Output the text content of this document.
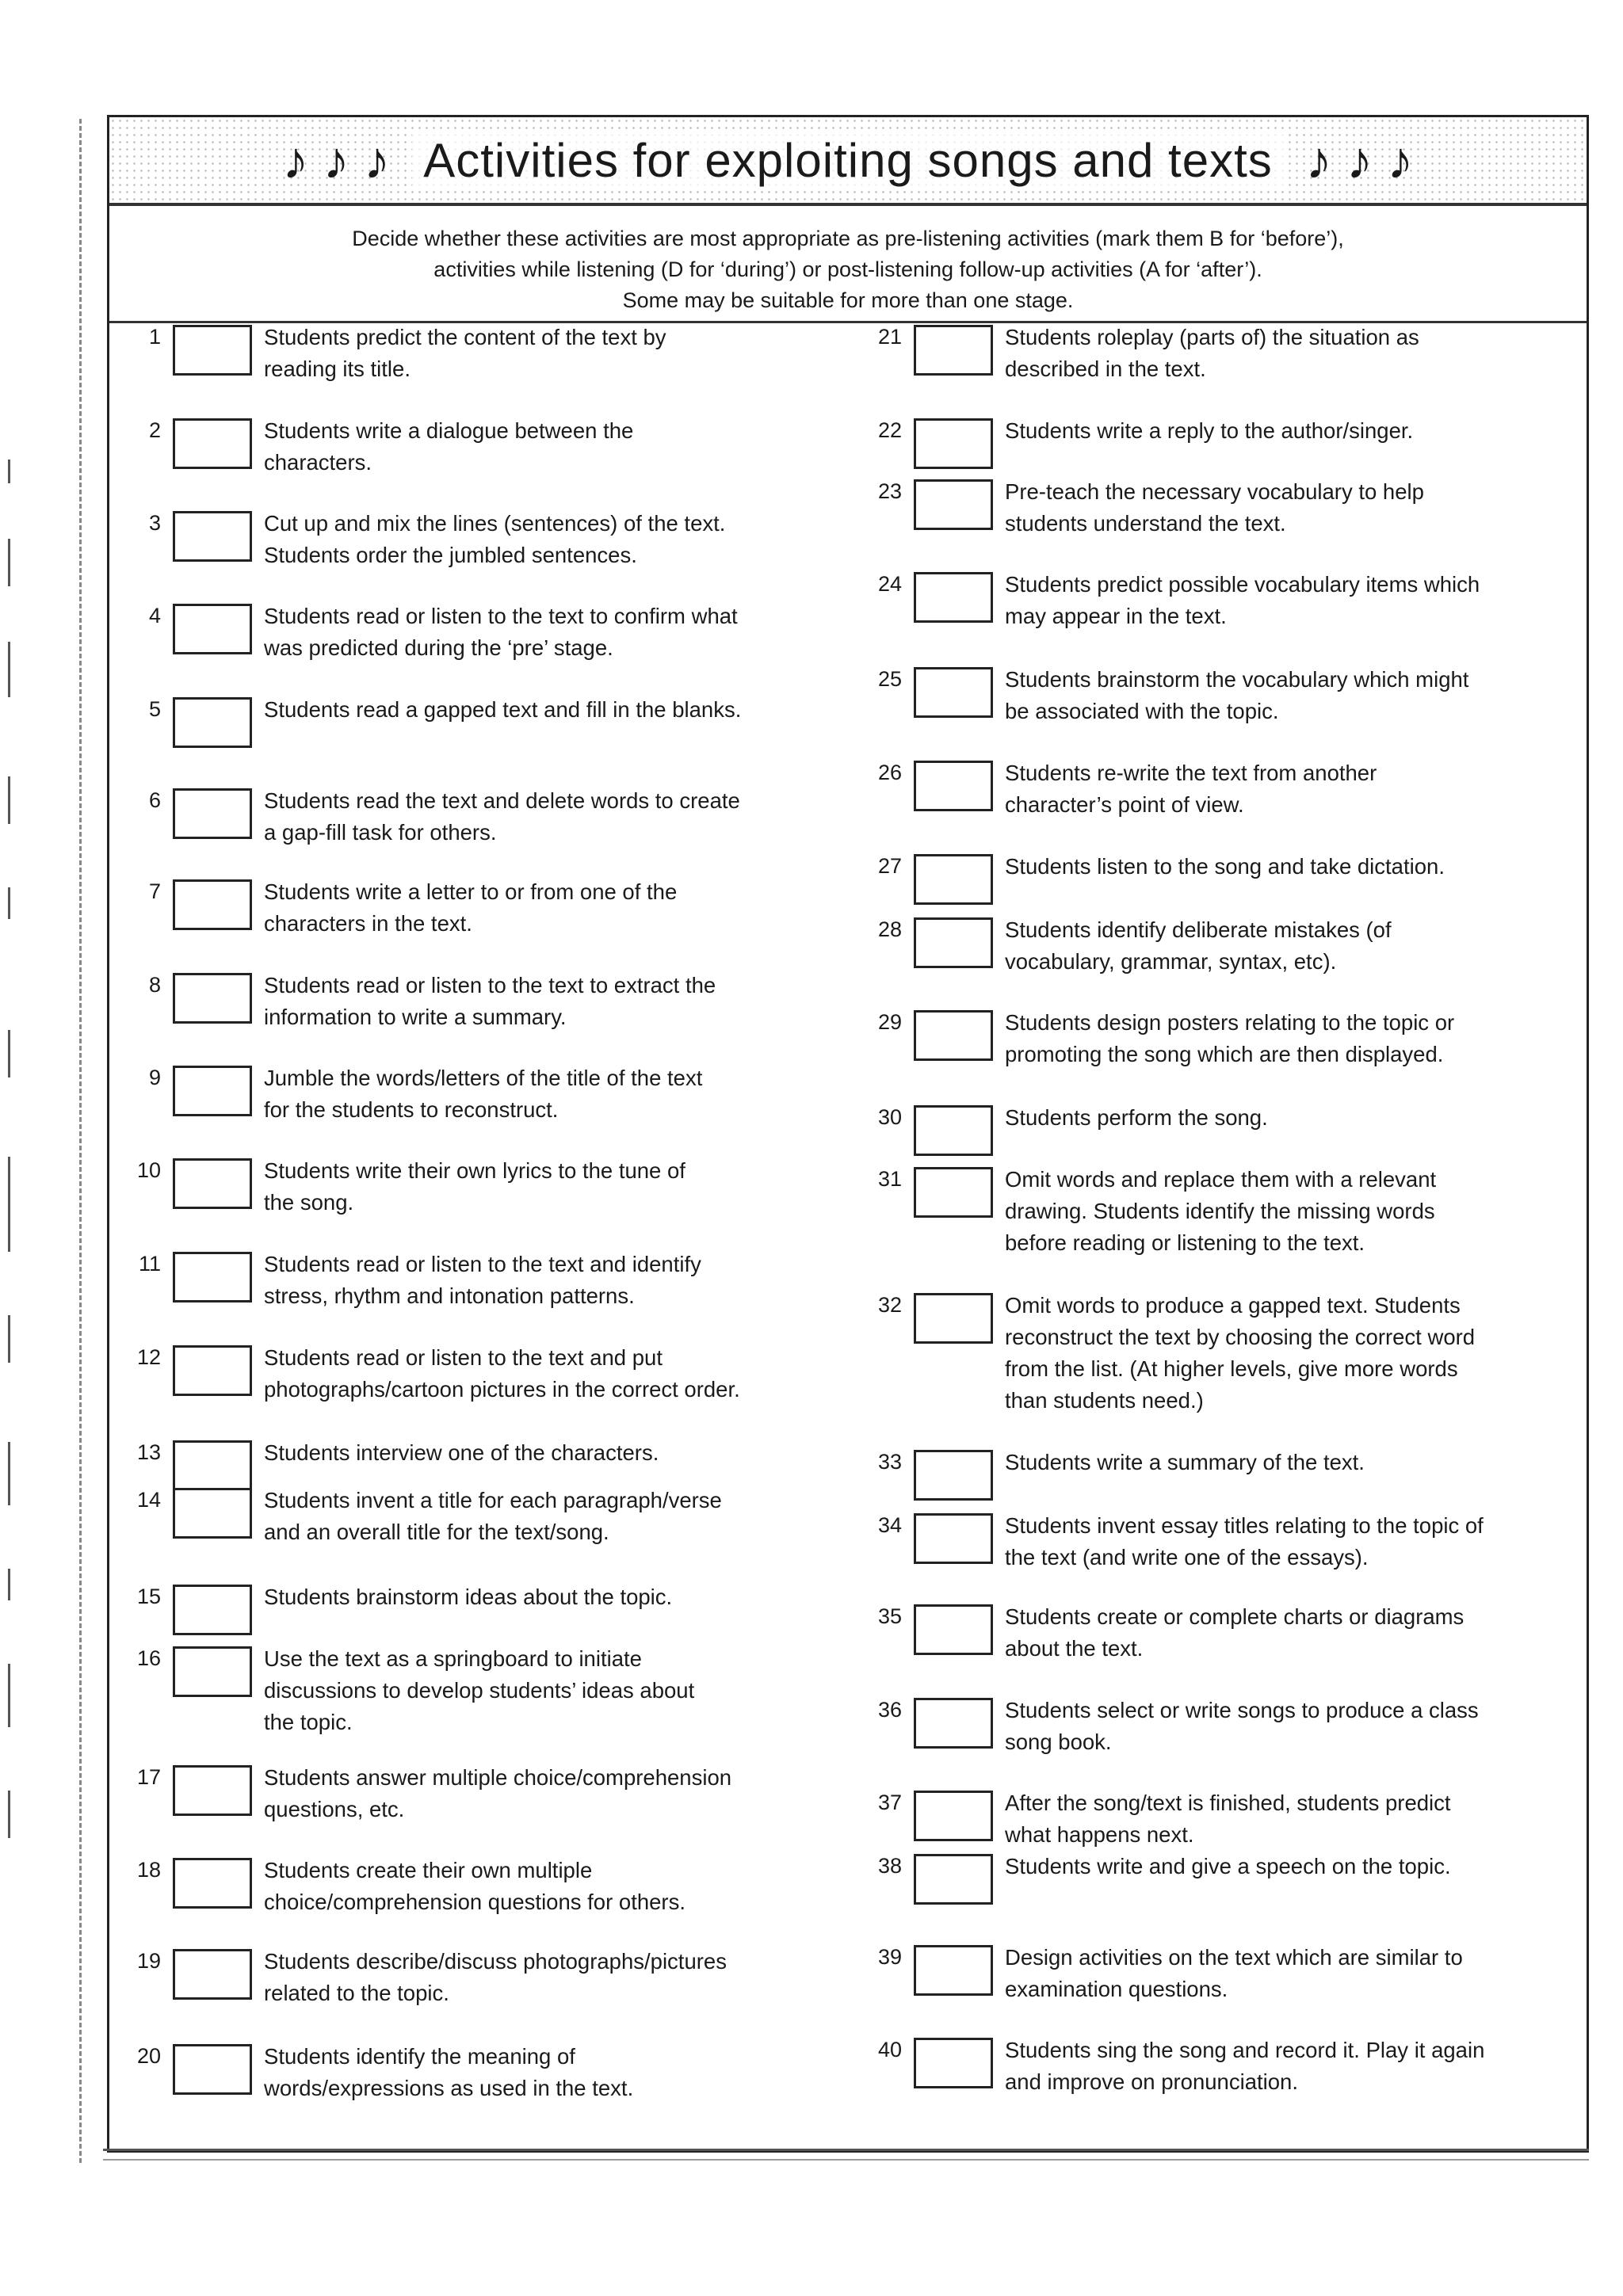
♪ ♪ ♪ Activities for exploiting songs and texts ♪ ♪ ♪
Decide whether these activities are most appropriate as pre-listening activities (mark them B for ‘before’),
activities while listening (D for ‘during’) or post-listening follow-up activities (A for ‘after’).
Some may be suitable for more than one stage.
1	Students predict the content of the text by
reading its title.
2	Students write a dialogue between the
characters.
3	Cut up and mix the lines (sentences) of the text.
Students order the jumbled sentences.
4	Students read or listen to the text to confirm what
was predicted during the ‘pre’ stage.
5	Students read a gapped text and fill in the blanks.
6	Students read the text and delete words to create
a gap-fill task for others.
7	Students write a letter to or from one of the
characters in the text.
8	Students read or listen to the text to extract the
information to write a summary.
9	Jumble the words/letters of the title of the text
for the students to reconstruct.
10	Students write their own lyrics to the tune of
the song.
11	Students read or listen to the text and identify
stress, rhythm and intonation patterns.
12	Students read or listen to the text and put
photographs/cartoon pictures in the correct order.
13	Students interview one of the characters.
14	Students invent a title for each paragraph/verse
and an overall title for the text/song.
15	Students brainstorm ideas about the topic.
16	Use the text as a springboard to initiate
discussions to develop students’ ideas about
the topic.
17	Students answer multiple choice/comprehension
questions, etc.
18	Students create their own multiple
choice/comprehension questions for others.
19	Students describe/discuss photographs/pictures
related to the topic.
20	Students identify the meaning of
words/expressions as used in the text.
21	Students roleplay (parts of) the situation as
described in the text.
22	Students write a reply to the author/singer.
23	Pre-teach the necessary vocabulary to help
students understand the text.
24	Students predict possible vocabulary items which
may appear in the text.
25	Students brainstorm the vocabulary which might
be associated with the topic.
26	Students re-write the text from another
character’s point of view.
27	Students listen to the song and take dictation.
28	Students identify deliberate mistakes (of
vocabulary, grammar, syntax, etc).
29	Students design posters relating to the topic or
promoting the song which are then displayed.
30	Students perform the song.
31	Omit words and replace them with a relevant
drawing. Students identify the missing words
before reading or listening to the text.
32	Omit words to produce a gapped text. Students
reconstruct the text by choosing the correct word
from the list. (At higher levels, give more words
than students need.)
33	Students write a summary of the text.
34	Students invent essay titles relating to the topic of
the text (and write one of the essays).
35	Students create or complete charts or diagrams
about the text.
36	Students select or write songs to produce a class
song book.
37	After the song/text is finished, students predict
what happens next.
38	Students write and give a speech on the topic.
39	Design activities on the text which are similar to
examination questions.
40	Students sing the song and record it. Play it again
and improve on pronunciation.
